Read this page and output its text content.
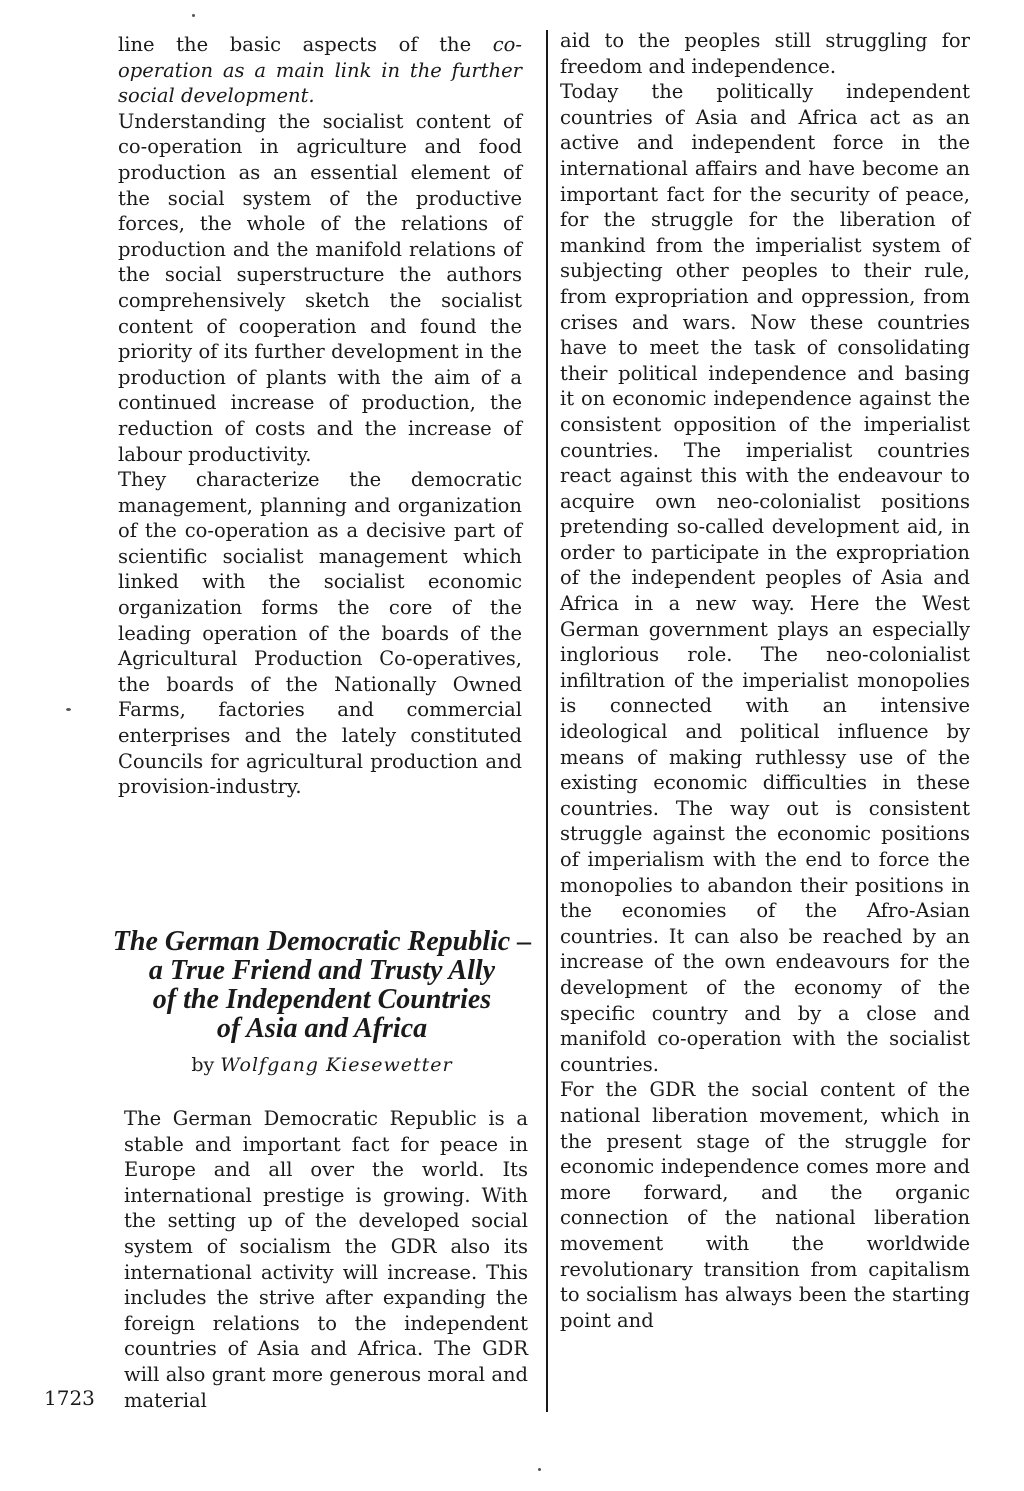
line the basic aspects of the co-operation as a main link in the further social development.

Understanding the socialist content of co-operation in agriculture and food production as an essential element of the social system of the productive forces, the whole of the relations of production and the manifold relations of the social superstructure the authors comprehensively sketch the socialist content of cooperation and found the priority of its further development in the production of plants with the aim of a continued increase of production, the reduction of costs and the increase of labour productivity.

They characterize the democratic management, planning and organization of the co-operation as a decisive part of scientific socialist management which linked with the socialist economic organization forms the core of the leading operation of the boards of the Agricultural Production Co-operatives, the boards of the Nationally Owned Farms, factories and commercial enterprises and the lately constituted Councils for agricultural production and provision-industry.

The German Democratic Republic –
a True Friend and Trusty Ally
of the Independent Countries
of Asia and Africa
by Wolfgang Kiesewetter

The German Democratic Republic is a stable and important fact for peace in Europe and all over the world. Its international prestige is growing. With the setting up of the developed social system of socialism the GDR also its international activity will increase. This includes the strive after expanding the foreign relations to the independent countries of Asia and Africa. The GDR will also grant more generous moral and material

aid to the peoples still struggling for freedom and independence.

Today the politically independent countries of Asia and Africa act as an active and independent force in the international affairs and have become an important fact for the security of peace, for the struggle for the liberation of mankind from the imperialist system of subjecting other peoples to their rule, from expropriation and oppression, from crises and wars. Now these countries have to meet the task of consolidating their political independence and basing it on economic independence against the consistent opposition of the imperialist countries. The imperialist countries react against this with the endeavour to acquire own neo-colonialist positions pretending so-called development aid, in order to participate in the expropriation of the independent peoples of Asia and Africa in a new way. Here the West German government plays an especially inglorious role. The neo-colonialist infiltration of the imperialist monopolies is connected with an intensive ideological and political influence by means of making ruthlessy use of the existing economic difficulties in these countries. The way out is consistent struggle against the economic positions of imperialism with the end to force the monopolies to abandon their positions in the economies of the Afro-Asian countries. It can also be reached by an increase of the own endeavours for the development of the economy of the specific country and by a close and manifold co-operation with the socialist countries.

For the GDR the social content of the national liberation movement, which in the present stage of the struggle for economic independence comes more and more forward, and the organic connection of the national liberation movement with the worldwide revolutionary transition from capitalism to socialism has always been the starting point and

1723
